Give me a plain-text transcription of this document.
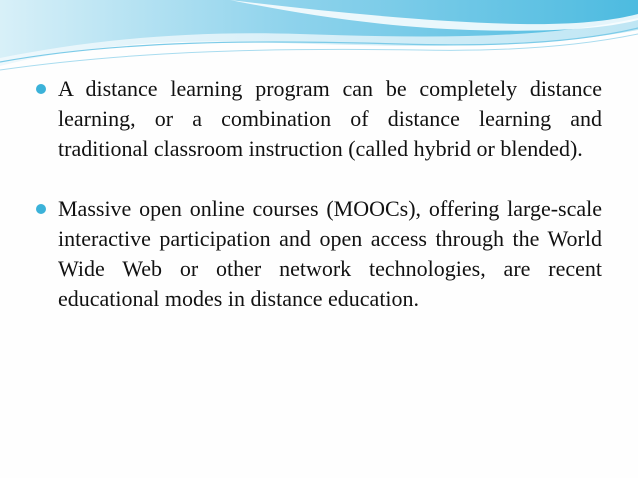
A distance learning program can be completely distance learning, or a combination of distance learning and traditional classroom instruction (called hybrid or blended).
Massive open online courses (MOOCs), offering large-scale interactive participation and open access through the World Wide Web or other network technologies, are recent educational modes in distance education.
